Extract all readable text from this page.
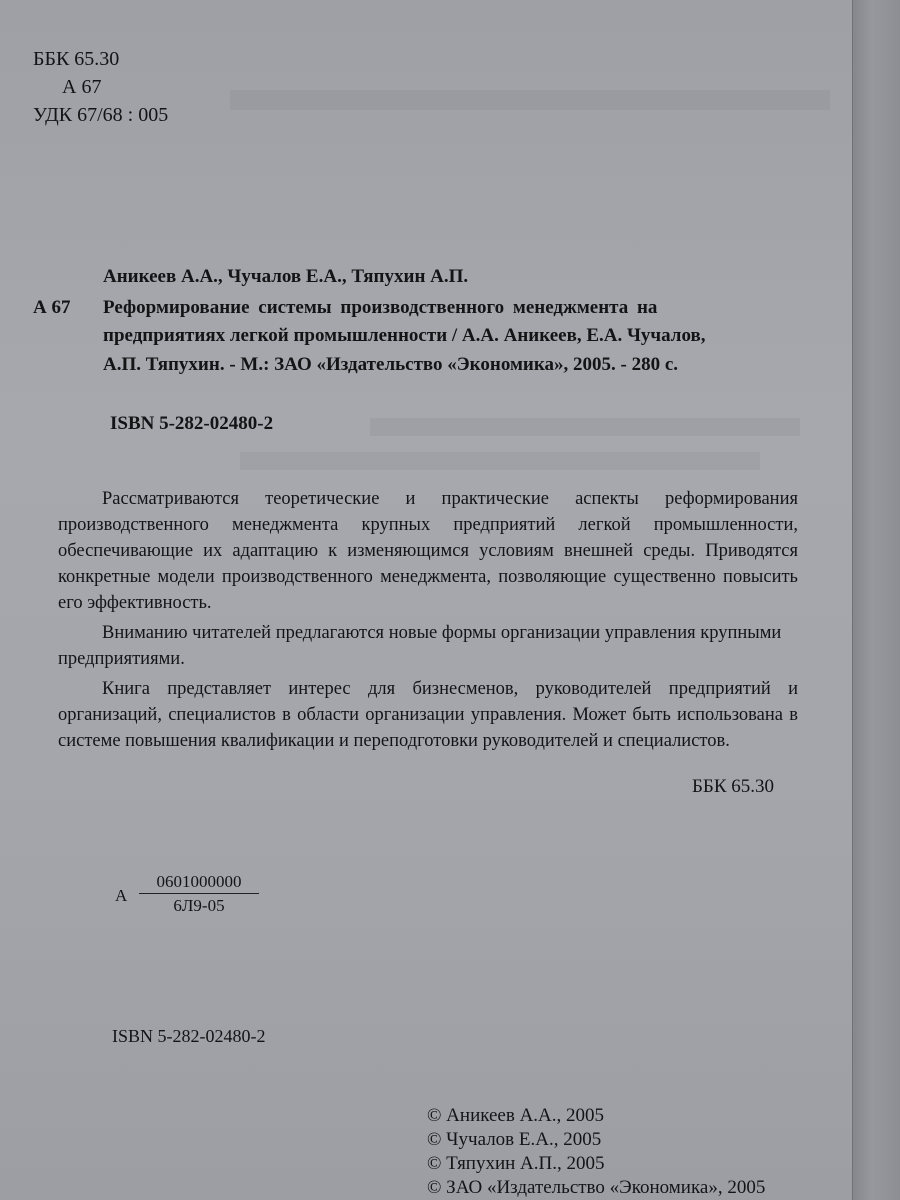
ББК 65.30
А 67
УДК 67/68 : 005
Аникеев А.А., Чучалов Е.А., Тяпухин А.П.
А 67 Реформирование системы производственного менеджмента на
предприятиях легкой промышленности / А.А. Аникеев, Е.А. Чучалов,
А.П. Тяпухин. - М.: ЗАО «Издательство «Экономика», 2005. - 280 с.
ISBN 5-282-02480-2

Рассматриваются теоретические и практические аспекты реформирования производственного менеджмента крупных предприятий легкой промышленности, обеспечивающие их адаптацию к изменяющимся условиям внешней среды. Приводятся конкретные модели производственного менеджмента, позволяющие существенно повысить его эффективность.

Вниманию читателей предлагаются новые формы организации управления крупными предприятиями.

Книга представляет интерес для бизнесменов, руководителей предприятий и организаций, специалистов в области организации управления. Может быть использована в системе повышения квалификации и переподготовки руководителей и специалистов.

ББК 65.30
А
0601000000
6Л9-05
ISBN 5-282-02480-2
© Аникеев А.А., 2005
© Чучалов Е.А., 2005
© Тяпухин А.П., 2005
© ЗАО «Издательство «Экономика», 2005
